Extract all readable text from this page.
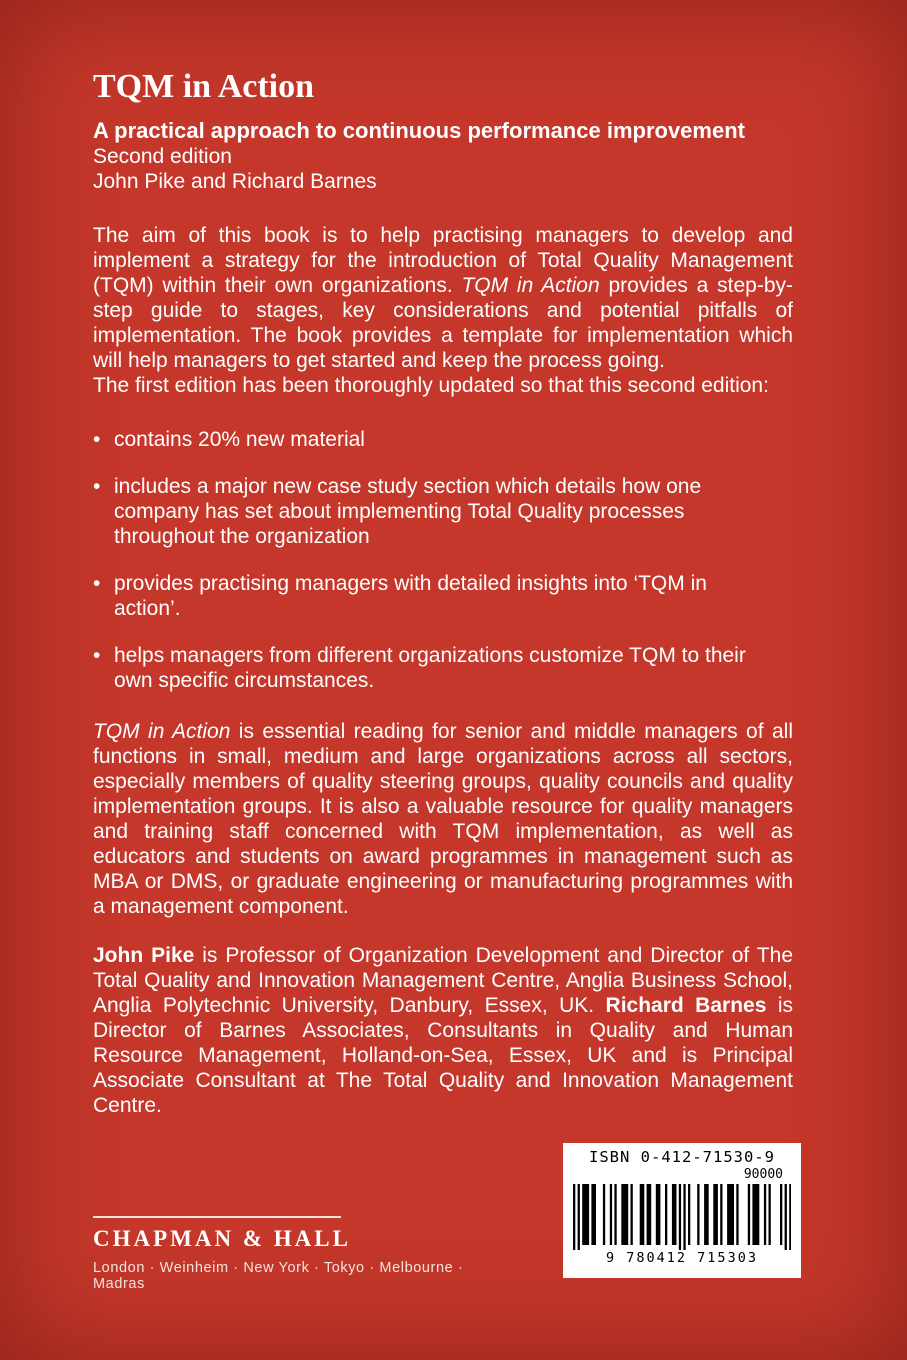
TQM in Action
A practical approach to continuous performance improvement
Second edition
John Pike and Richard Barnes

The aim of this book is to help practising managers to develop and implement a strategy for the introduction of Total Quality Management (TQM) within their own organizations. TQM in Action provides a step-by-step guide to stages, key considerations and potential pitfalls of implementation. The book provides a template for implementation which will help managers to get started and keep the process going.

The first edition has been thoroughly updated so that this second edition:

• contains 20% new material
• includes a major new case study section which details how one company has set about implementing Total Quality processes throughout the organization
• provides practising managers with detailed insights into ‘TQM in action’.
• helps managers from different organizations customize TQM to their own specific circumstances.

TQM in Action is essential reading for senior and middle managers of all functions in small, medium and large organizations across all sectors, especially members of quality steering groups, quality councils and quality implementation groups. It is also a valuable resource for quality managers and training staff concerned with TQM implementation, as well as educators and students on award programmes in management such as MBA or DMS, or graduate engineering or manufacturing programmes with a management component.

John Pike is Professor of Organization Development and Director of The Total Quality and Innovation Management Centre, Anglia Business School, Anglia Polytechnic University, Danbury, Essex, UK. Richard Barnes is Director of Barnes Associates, Consultants in Quality and Human Resource Management, Holland-on-Sea, Essex, UK and is Principal Associate Consultant at The Total Quality and Innovation Management Centre.

CHAPMAN & HALL
London · Weinheim · New York · Tokyo · Melbourne · Madras
ISBN 0-412-71530-9
90000
9 780412 715303
